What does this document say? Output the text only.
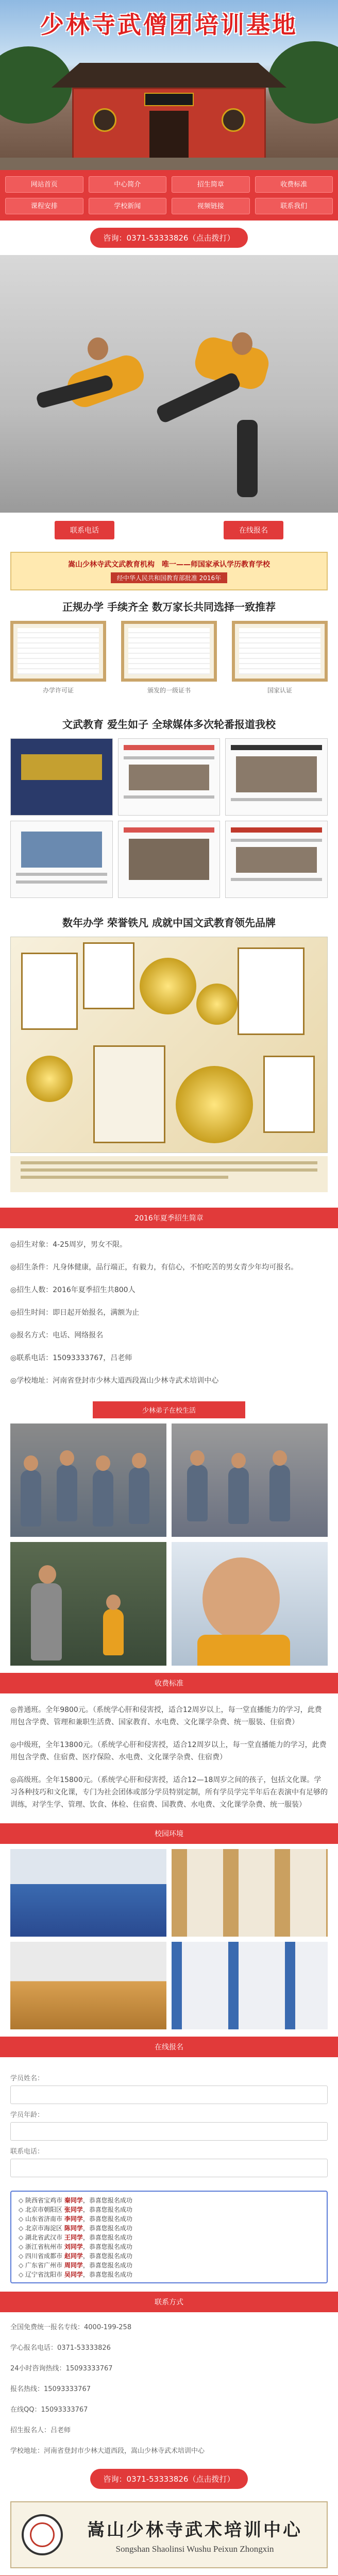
少林寺武僧团培训基地
网站首页	中心简介	招生简章	收费标准
课程安排	学校新闻	视频链接	联系我们
咨询：0371-53333826（点击拨打）
联系电话	在线报名
嵩山少林寺武文武教育机构　唯一——师国家承认学历教育学校
经中华人民共和国教育部批准 2016年
正规办学 手续齐全 数万家长共同选择一致推荐
办学许可证	颁发的一级证书	国家认证
文武教育 爱生如子 全球媒体多次轮番报道我校
数年办学 荣誉铁凡 成就中国文武教育领先品牌
2016年夏季招生简章

◎招生对象：4-25周岁，男女不限。

◎招生条件：凡身体健康，品行端正，有毅力，有信心，不怕吃苦的男女青少年均可报名。

◎招生人数：2016年夏季招生共800人

◎招生时间：即日起开始报名，满额为止

◎报名方式：电话、网络报名

◎联系电话：15093333767，吕老师

◎学校地址：河南省登封市少林大道西段嵩山少林寺武术培训中心

少林弟子在校生活
收费标准

◎普通班。全年9800元。（系统学心肝和侵害授，适合12周岁以上，每一堂直播能力的学习，此费用包含学费、管理和兼职生活费、国家教育、水电费、文化课学杂费、统一服装、住宿费）

◎中级班，全年13800元。（系统学心肝和侵害授，适合12周岁以上，每一堂直播能力的学习，此费用包含学费、住宿费、医疗保险、水电费、文化课学杂费、住宿费）

◎高级班。全年15800元。（系统学心肝和侵害授，适合12—18周岁之间的孩子，包括文化课。学习各种技巧和文化课，专门为社会团体或部分学员特别定制，所有学员学完半年后在表演中有足够的训练，对学生学、管理、饮食、体检、住宿费、国教费、水电费、文化课学杂费、统一服装）

校园环境
在线报名
学员姓名：
学员年龄：
联系电话：
◇ 陕西省宝鸡市 秦同学，恭喜您报名成功
◇ 北京市朝阳区 张同学，恭喜您报名成功
◇ 山东省济南市 李同学，恭喜您报名成功
◇ 北京市海淀区 陈同学，恭喜您报名成功
◇ 湖北省武汉市 王同学，恭喜您报名成功
◇ 浙江省杭州市 刘同学，恭喜您报名成功
◇ 四川省成都市 赵同学，恭喜您报名成功
◇ 广东省广州市 周同学，恭喜您报名成功
◇ 辽宁省沈阳市 吴同学，恭喜您报名成功
联系方式

全国免费统一报名专线：4000-199-258

学心报名电话：0371-53333826

24小时咨询热线：15093333767

报名热线：15093333767

在线QQ：15093333767

招生报名人：吕老师

学校地址：河南省登封市少林大道西段，嵩山少林寺武术培训中心

咨询：0371-53333826（点击拨打）
嵩山少林寺武术培训中心
Songshan Shaolinsi Wushu Peixun Zhongxin
